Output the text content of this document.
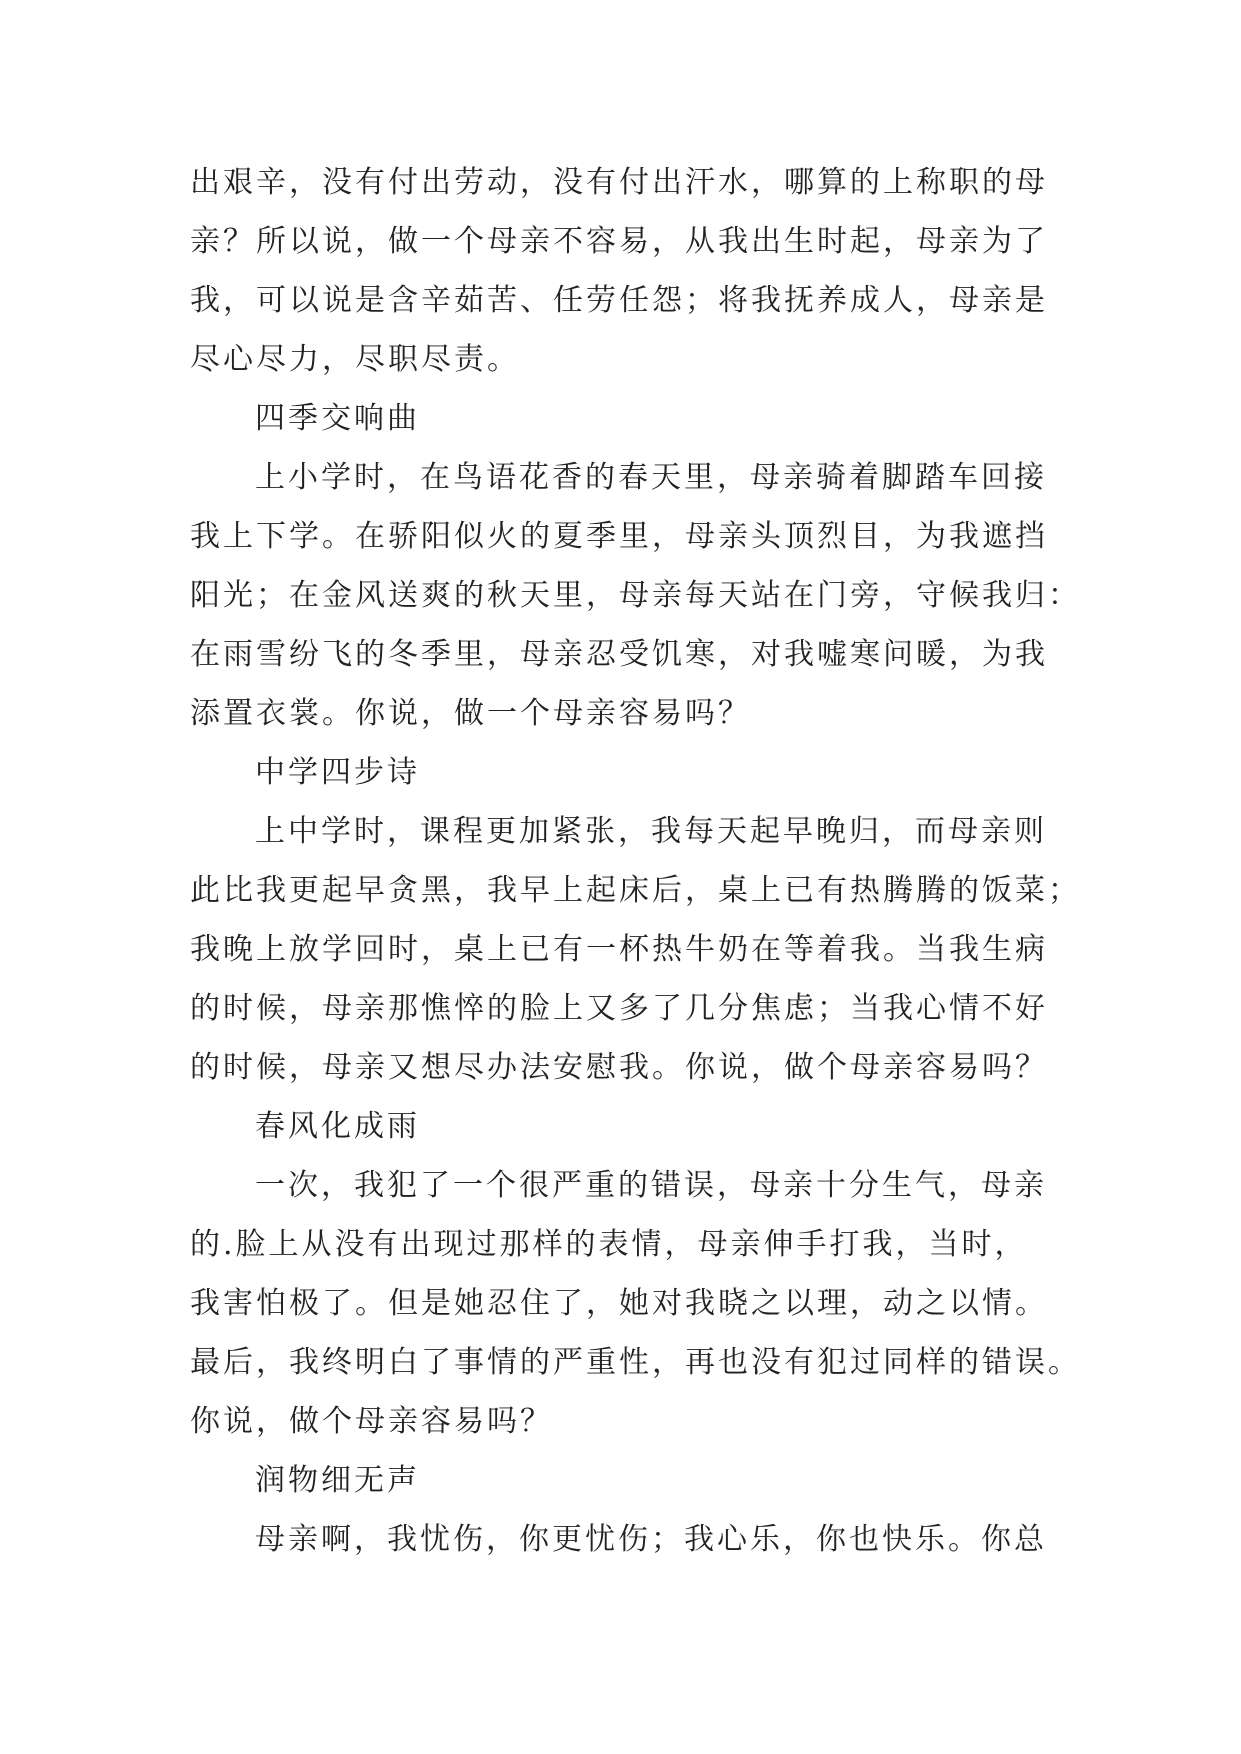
出艰辛，没有付出劳动，没有付出汗水，哪算的上称职的母
亲？所以说，做一个母亲不容易，从我出生时起，母亲为了
我，可以说是含辛茹苦、任劳任怨；将我抚养成人，母亲是
尽心尽力，尽职尽责。
四季交响曲
上小学时，在鸟语花香的春天里，母亲骑着脚踏车回接
我上下学。在骄阳似火的夏季里，母亲头顶烈目，为我遮挡
阳光；在金风送爽的秋天里，母亲每天站在门旁，守候我归：
在雨雪纷飞的冬季里，母亲忍受饥寒，对我嘘寒问暖，为我
添置衣裳。你说，做一个母亲容易吗？
中学四步诗
上中学时，课程更加紧张，我每天起早晚归，而母亲则
此比我更起早贪黑，我早上起床后，桌上已有热腾腾的饭菜；
我晚上放学回时，桌上已有一杯热牛奶在等着我。当我生病
的时候，母亲那憔悴的脸上又多了几分焦虑；当我心情不好
的时候，母亲又想尽办法安慰我。你说，做个母亲容易吗？
春风化成雨
一次，我犯了一个很严重的错误，母亲十分生气，母亲
的.脸上从没有出现过那样的表情，母亲伸手打我，当时，
我害怕极了。但是她忍住了，她对我晓之以理，动之以情。
最后，我终明白了事情的严重性，再也没有犯过同样的错误。
你说，做个母亲容易吗？
润物细无声
母亲啊，我忧伤，你更忧伤；我心乐，你也快乐。你总
